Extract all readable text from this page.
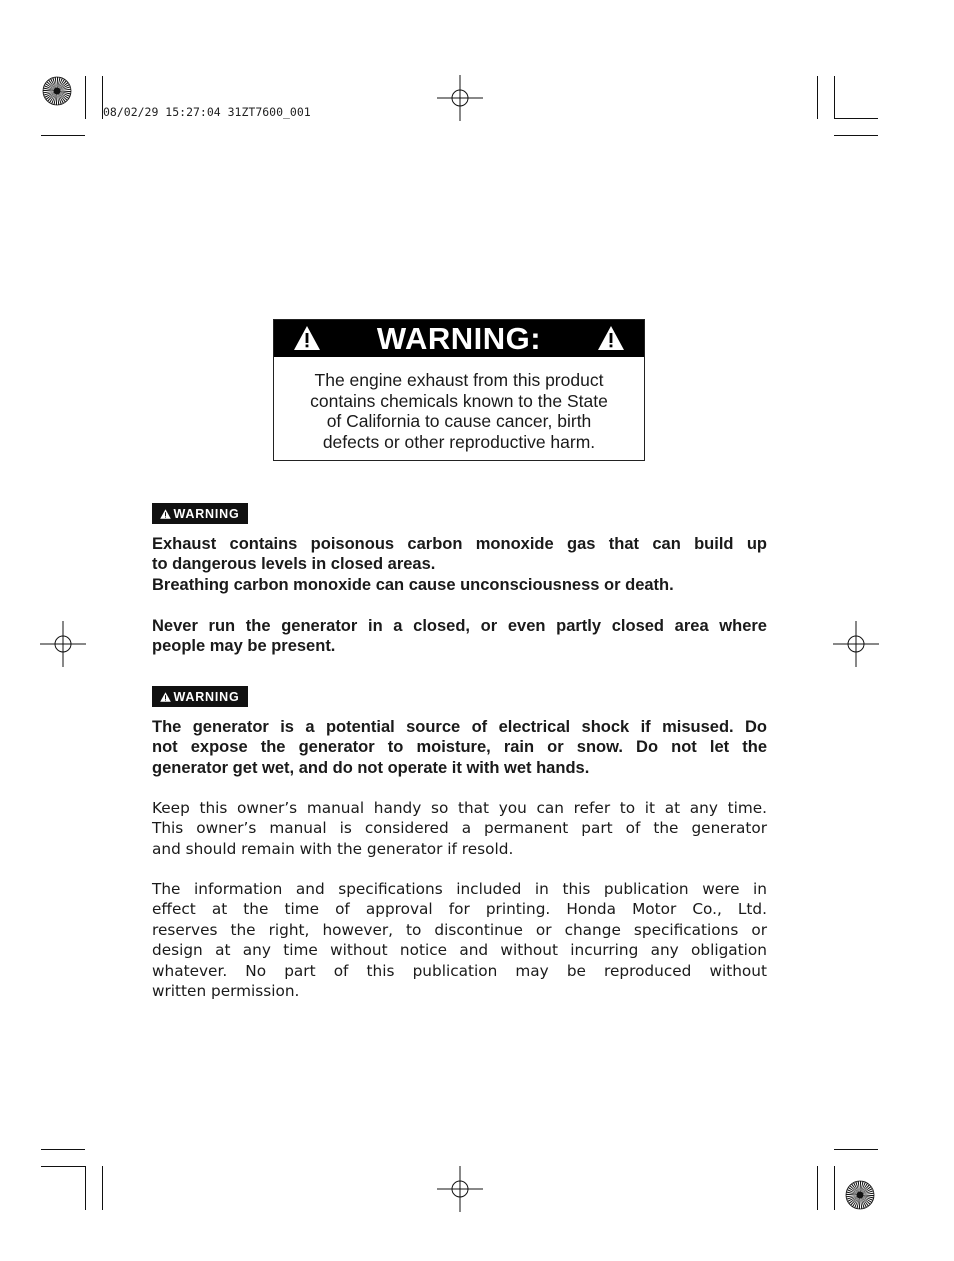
08/02/29 15:27:04 31ZT7600_001
WARNING:
The engine exhaust from this product
contains chemicals known to the State
of California to cause cancer, birth
defects or other reproductive harm.
WARNING
Exhaust contains poisonous carbon monoxide gas that can build up
to dangerous levels in closed areas.
Breathing carbon monoxide can cause unconsciousness or death.
Never run the generator in a closed, or even partly closed area where
people may be present.
WARNING
The generator is a potential source of electrical shock if misused. Do
not expose the generator to moisture, rain or snow. Do not let the
generator get wet, and do not operate it with wet hands.
Keep this owner’s manual handy so that you can refer to it at any time.
This owner’s manual is considered a permanent part of the generator
and should remain with the generator if resold.
The information and specifications included in this publication were in
effect at the time of approval for printing. Honda Motor Co., Ltd.
reserves the right, however, to discontinue or change specifications or
design at any time without notice and without incurring any obligation
whatever. No part of this publication may be reproduced without
written permission.
